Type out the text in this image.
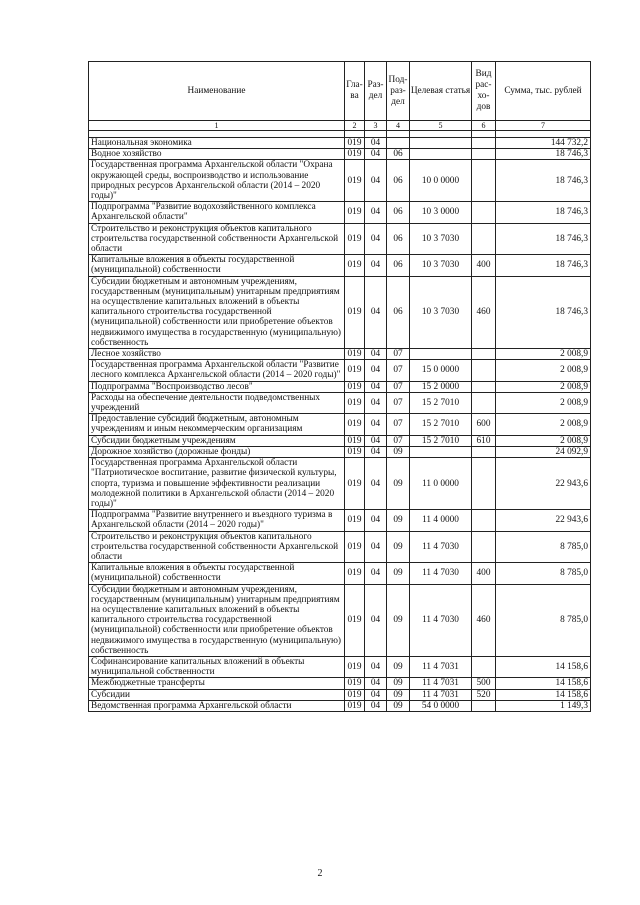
Наименование	Гла-ва	Раз-дел	Под-раз-дел	Целевая статья	Вид рас-хо-дов	Сумма, тыс. рублей
1	2	3	4	5	6	7

Национальная экономика	019	04				144 732,2
Водное хозяйство	019	04	06			18 746,3
Государственная программа Архангельской области "Охрана окружающей среды, воспроизводство и использование природных ресурсов Архангельской области (2014 – 2020 годы)"	019	04	06	10 0 0000		18 746,3
Подпрограмма "Развитие водохозяйственного комплекса Архангельской области"	019	04	06	10 3 0000		18 746,3
Строительство и реконструкция объектов капитального строительства государственной собственности Архангельской области	019	04	06	10 3 7030		18 746,3
Капитальные вложения в объекты государственной (муниципальной) собственности	019	04	06	10 3 7030	400	18 746,3
Субсидии бюджетным и автономным учреждениям, государственным (муниципальным) унитарным предприятиям на осуществление капитальных вложений в объекты капитального строительства государственной (муниципальной) собственности или приобретение объектов недвижимого имущества в государственную (муниципальную) собственность	019	04	06	10 3 7030	460	18 746,3
Лесное хозяйство	019	04	07			2 008,9
Государственная программа Архангельской области "Развитие лесного комплекса Архангельской области (2014 – 2020 годы)"	019	04	07	15 0 0000		2 008,9
Подпрограмма "Воспроизводство лесов"	019	04	07	15 2 0000		2 008,9
Расходы на обеспечение деятельности подведомственных учреждений	019	04	07	15 2 7010		2 008,9
Предоставление субсидий бюджетным, автономным учреждениям и иным некоммерческим организациям	019	04	07	15 2 7010	600	2 008,9
Субсидии бюджетным учреждениям	019	04	07	15 2 7010	610	2 008,9
Дорожное хозяйство (дорожные фонды)	019	04	09			24 092,9
Государственная программа Архангельской области "Патриотическое воспитание, развитие физической культуры, спорта, туризма и повышение эффективности реализации молодежной политики в Архангельской области (2014 – 2020 годы)"	019	04	09	11 0 0000		22 943,6
Подпрограмма "Развитие внутреннего и въездного туризма в Архангельской области (2014 – 2020 годы)"	019	04	09	11 4 0000		22 943,6
Строительство и реконструкция объектов капитального строительства государственной собственности Архангельской области	019	04	09	11 4 7030		8 785,0
Капитальные вложения в объекты государственной (муниципальной) собственности	019	04	09	11 4 7030	400	8 785,0
Субсидии бюджетным и автономным учреждениям, государственным (муниципальным) унитарным предприятиям на осуществление капитальных вложений в объекты капитального строительства государственной (муниципальной) собственности или приобретение объектов недвижимого имущества в государственную (муниципальную) собственность	019	04	09	11 4 7030	460	8 785,0
Софинансирование капитальных вложений в объекты муниципальной собственности	019	04	09	11 4 7031		14 158,6
Межбюджетные трансферты	019	04	09	11 4 7031	500	14 158,6
Субсидии	019	04	09	11 4 7031	520	14 158,6
Ведомственная программа Архангельской области	019	04	09	54 0 0000		1 149,3
2
